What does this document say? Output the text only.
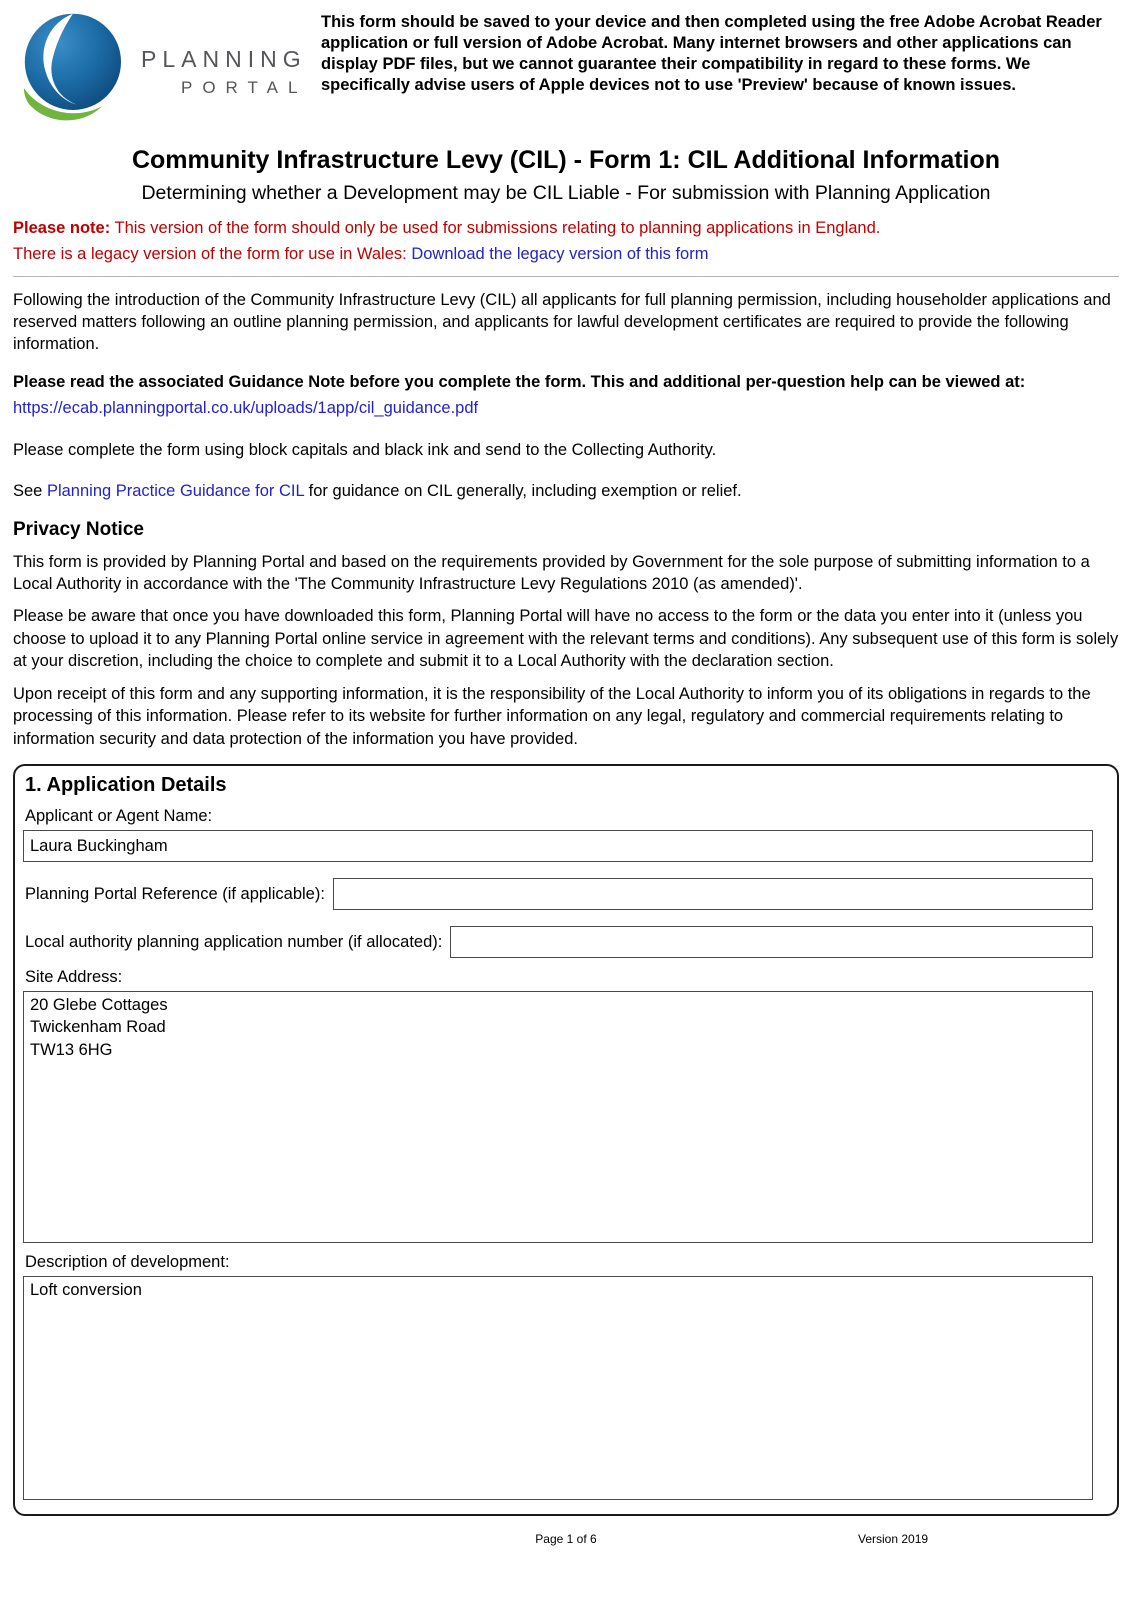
PLANNING
PORTAL

This form should be saved to your device and then completed using the free Adobe Acrobat Reader application or full version of Adobe Acrobat. Many internet browsers and other applications can display PDF files, but we cannot guarantee their compatibility in regard to these forms. We specifically advise users of Apple devices not to use 'Preview' because of known issues.

Community Infrastructure Levy (CIL) - Form 1: CIL Additional Information
Determining whether a Development may be CIL Liable - For submission with Planning Application

Please note: This version of the form should only be used for submissions relating to planning applications in England.

There is a legacy version of the form for use in Wales: Download the legacy version of this form

Following the introduction of the Community Infrastructure Levy (CIL) all applicants for full planning permission, including householder applications and reserved matters following an outline planning permission, and applicants for lawful development certificates are required to provide the following information.

Please read the associated Guidance Note before you complete the form. This and additional per-question help can be viewed at:

https://ecab.planningportal.co.uk/uploads/1app/cil_guidance.pdf

Please complete the form using block capitals and black ink and send to the Collecting Authority.

See Planning Practice Guidance for CIL for guidance on CIL generally, including exemption or relief.

Privacy Notice

This form is provided by Planning Portal and based on the requirements provided by Government for the sole purpose of submitting information to a Local Authority in accordance with the 'The Community Infrastructure Levy Regulations 2010 (as amended)'.

Please be aware that once you have downloaded this form, Planning Portal will have no access to the form or the data you enter into it (unless you choose to upload it to any Planning Portal online service in agreement with the relevant terms and conditions). Any subsequent use of this form is solely at your discretion, including the choice to complete and submit it to a Local Authority with the declaration section.

Upon receipt of this form and any supporting information, it is the responsibility of the Local Authority to inform you of its obligations in regards to the processing of this information. Please refer to its website for further information on any legal, regulatory and commercial requirements relating to information security and data protection of the information you have provided.

1. Application Details
Applicant or Agent Name:
Laura Buckingham
Planning Portal Reference (if applicable):
Local authority planning application number (if allocated):
Site Address:
20 Glebe Cottages Twickenham Road TW13 6HG
Description of development:
Loft conversion
Page 1 of 6	Version 2019
